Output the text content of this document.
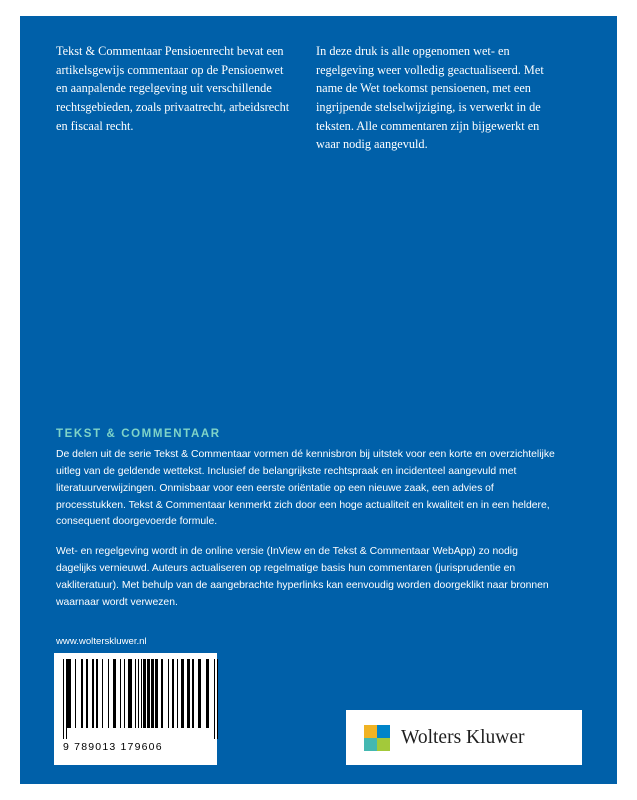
Tekst & Commentaar Pensioenrecht bevat een artikelsgewijs commentaar op de Pensioenwet en aanpalende regelgeving uit verschillende rechtsgebieden, zoals privaatrecht, arbeidsrecht en fiscaal recht.
In deze druk is alle opgenomen wet- en regelgeving weer volledig geactualiseerd. Met name de Wet toekomst pensioenen, met een ingrijpende stelselwijziging, is verwerkt in de teksten. Alle commentaren zijn bijgewerkt en waar nodig aangevuld.
TEKST & COMMENTAAR
De delen uit de serie Tekst & Commentaar vormen dé kennisbron bij uitstek voor een korte en overzichtelijke uitleg van de geldende wettekst. Inclusief de belangrijkste rechtspraak en incidenteel aangevuld met literatuurverwijzingen. Onmisbaar voor een eerste oriëntatie op een nieuwe zaak, een advies of processtukken. Tekst & Commentaar kenmerkt zich door een hoge actualiteit en kwaliteit en in een heldere, consequent doorgevoerde formule.
Wet- en regelgeving wordt in de online versie (InView en de Tekst & Commentaar WebApp) zo nodig dagelijks vernieuwd. Auteurs actualiseren op regelmatige basis hun commentaren (jurisprudentie en vakliteratuur). Met behulp van de aangebrachte hyperlinks kan eenvoudig worden doorgeklikt naar bronnen waarnaar wordt verwezen.
www.wolterskluwer.nl
9 789013 179606	Wolters Kluwer
